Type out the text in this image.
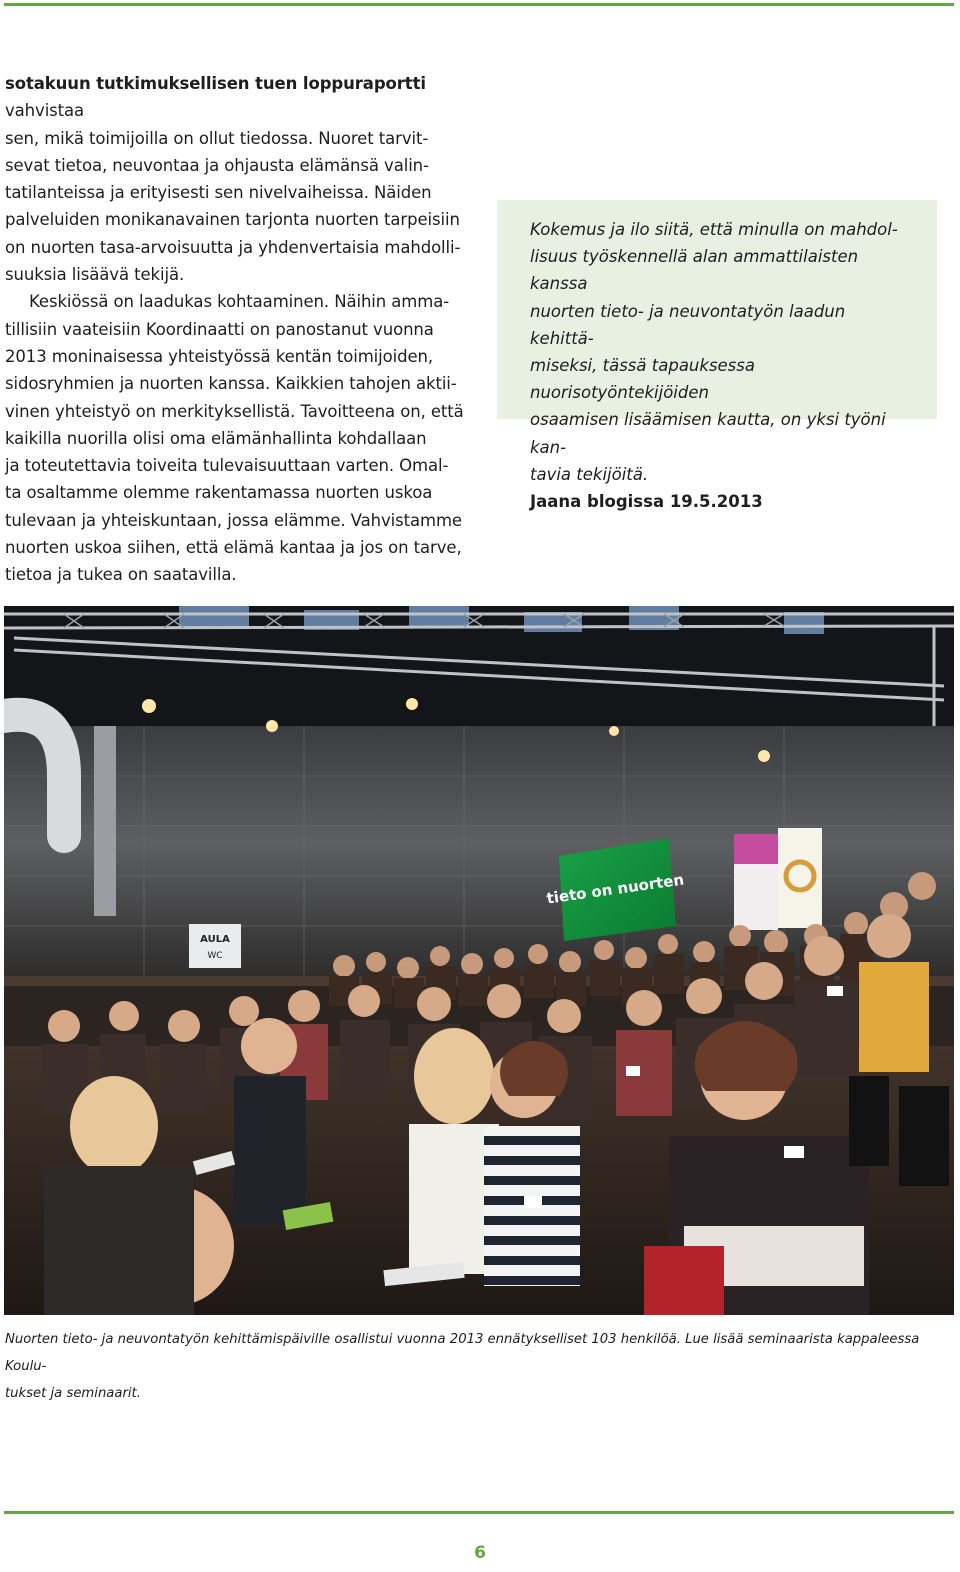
sotakuun tutkimuksellisen tuen loppuraportti vahvistaa

sen, mikä toimijoilla on ollut tiedossa. Nuoret tarvit-

sevat tietoa, neuvontaa ja ohjausta elämänsä valin-

tatilanteissa ja erityisesti sen nivelvaiheissa. Näiden

palveluiden monikanavainen tarjonta nuorten tarpeisiin

on nuorten tasa-arvoisuutta ja yhdenvertaisia mahdolli-

suuksia lisäävä tekijä.

Keskiössä on laadukas kohtaaminen. Näihin amma-

tillisiin vaateisiin Koordinaatti on panostanut vuonna

2013 moninaisessa yhteistyössä kentän toimijoiden,

sidosryhmien ja nuorten kanssa. Kaikkien tahojen aktii-

vinen yhteistyö on merkityksellistä. Tavoitteena on, että

kaikilla nuorilla olisi oma elämänhallinta kohdallaan

ja toteutettavia toiveita tulevaisuuttaan varten. Omal-

ta osaltamme olemme rakentamassa nuorten uskoa

tulevaan ja yhteiskuntaan, jossa elämme. Vahvistamme

nuorten uskoa siihen, että elämä kantaa ja jos on tarve,

tietoa ja tukea on saatavilla.

Kokemus ja ilo siitä, että minulla on mahdol-

lisuus työskennellä alan ammattilaisten kanssa

nuorten tieto- ja neuvontatyön laadun kehittä-

miseksi, tässä tapauksessa nuorisotyöntekijöiden

osaamisen lisäämisen kautta, on yksi työni kan-

tavia tekijöitä.

Jaana blogissa 19.5.2013

AULA
WC
tieto on nuorten
Nuorten tieto- ja neuvontatyön kehittämispäiville osallistui vuonna 2013 ennätykselliset 103 henkilöä. Lue lisää seminaarista kappaleessa Koulu-
tukset ja seminaarit.
6
